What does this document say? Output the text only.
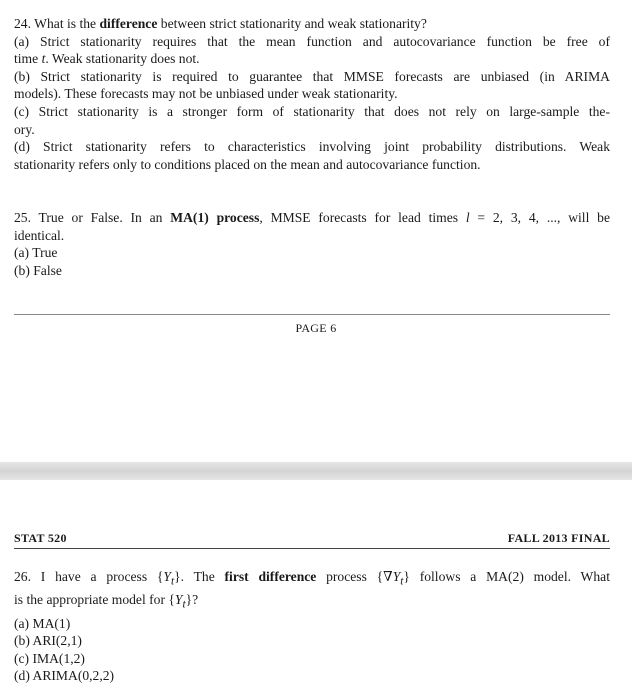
24. What is the difference between strict stationarity and weak stationarity?
(a) Strict stationarity requires that the mean function and autocovariance function be free of
time t. Weak stationarity does not.
(b) Strict stationarity is required to guarantee that MMSE forecasts are unbiased (in ARIMA
models). These forecasts may not be unbiased under weak stationarity.
(c) Strict stationarity is a stronger form of stationarity that does not rely on large-sample the-
ory.
(d) Strict stationarity refers to characteristics involving joint probability distributions. Weak
stationarity refers only to conditions placed on the mean and autocovariance function.
25. True or False. In an MA(1) process, MMSE forecasts for lead times l = 2, 3, 4, ..., will be
identical.
(a) True
(b) False
PAGE 6
STAT 520	FALL 2013 FINAL
26. I have a process $\{Y_t\}$. The first difference process $\{\nabla Y_t\}$ follows a MA(2) model. What
is the appropriate model for $\{Y_t\}$?
(a) MA(1)
(b) ARI(2,1)
(c) IMA(1,2)
(d) ARIMA(0,2,2)
